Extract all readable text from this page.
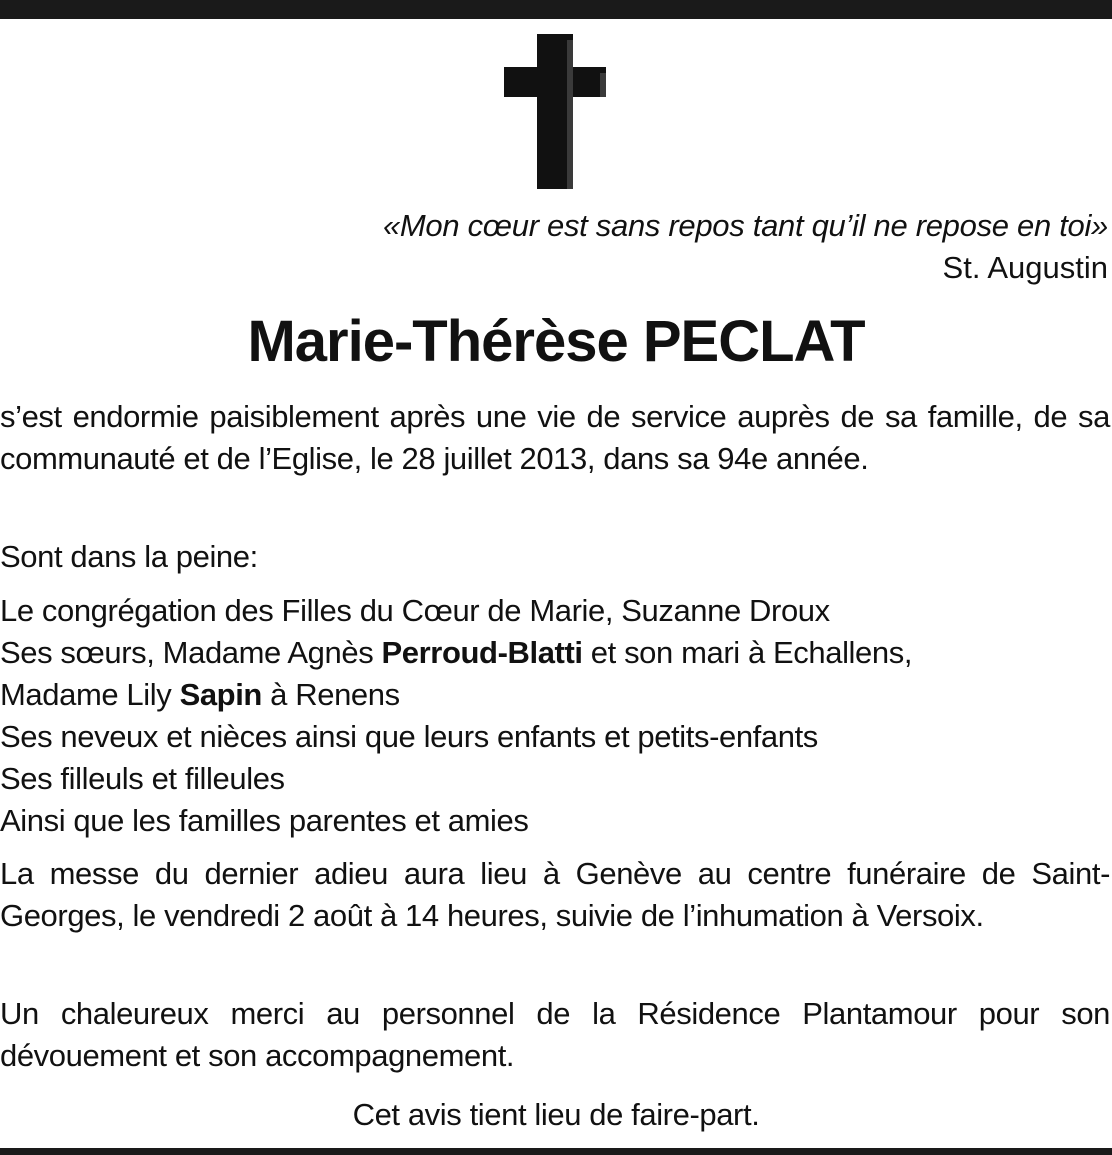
«Mon cœur est sans repos tant qu’il ne repose en toi»
St. Augustin
Marie-Thérèse PECLAT
s’est endormie paisiblement après une vie de service auprès de sa famille, de sa communauté et de l’Eglise, le 28 juillet 2013, dans sa 94e année.
Sont dans la peine:
Le congrégation des Filles du Cœur de Marie, Suzanne Droux
Ses sœurs, Madame Agnès Perroud-Blatti et son mari à Echallens,
Madame Lily Sapin à Renens
Ses neveux et nièces ainsi que leurs enfants et petits-enfants
Ses filleuls et filleules
Ainsi que les familles parentes et amies
La messe du dernier adieu aura lieu à Genève au centre funéraire de Saint-Georges, le vendredi 2 août à 14 heures, suivie de l’inhumation à Versoix.
Un chaleureux merci au personnel de la Résidence Plantamour pour son dévouement et son accompagnement.
Cet avis tient lieu de faire-part.
